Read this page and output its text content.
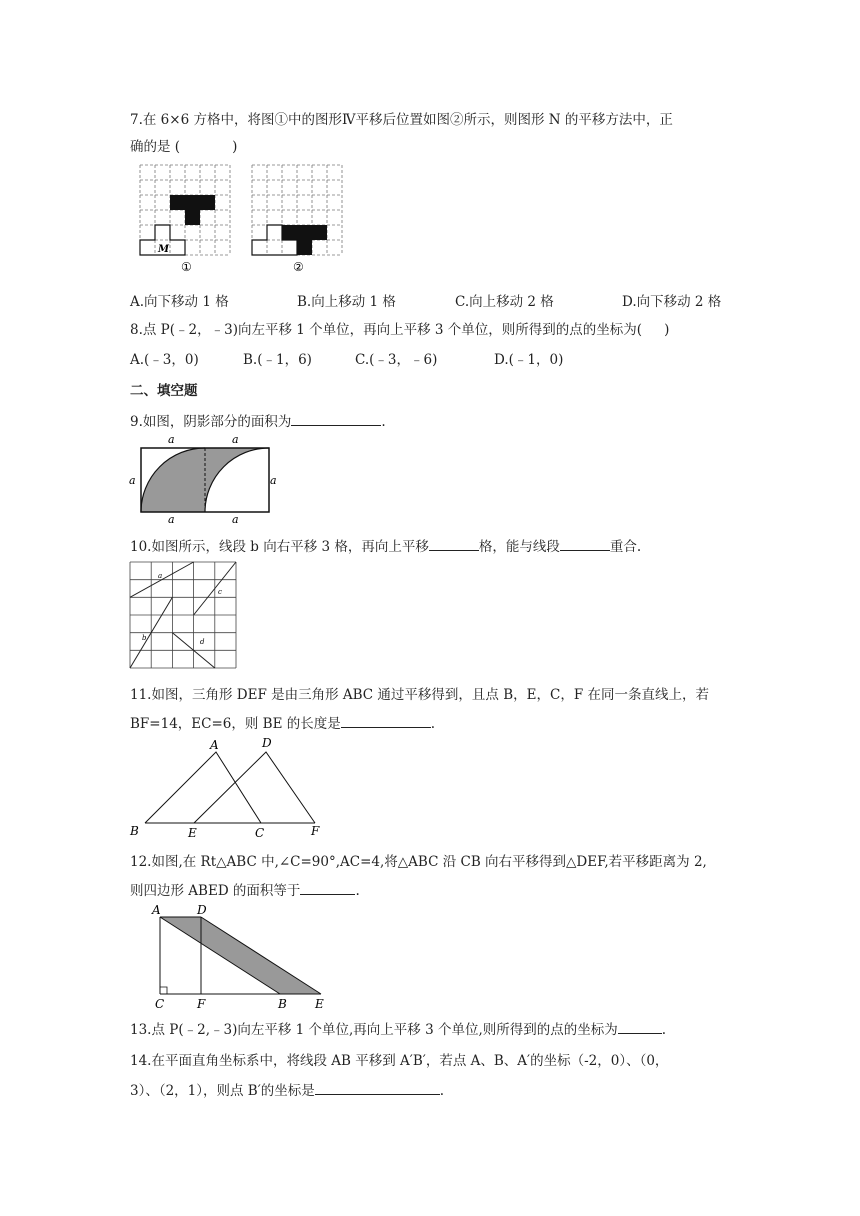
7.在 6×6 方格中，将图①中的图形Ⅳ平移后位置如图②所示，则图形 N 的平移方法中，正
确的是 (	)
M
①	②
A.向下移动 1 格	B.向上移动 1 格	C.向上移动 2 格	D.向下移动 2 格
8.点 P(﹣2，﹣3)向左平移 1 个单位，再向上平移 3 个单位，则所得到的点的坐标为( )
A.(﹣3，0)	B.(﹣1，6)	C.(﹣3，﹣6)	D.(﹣1，0)
二、填空题
9.如图，阴影部分的面积为	.
a	a
a
a	a
a
10.如图所示，线段 b 向右平移 3 格，再向上平移	格，能与线段	重合.
a
b
c
d
11.如图，三角形 DEF 是由三角形 ABC 通过平移得到，且点 B，E，C，F 在同一条直线上，若
BF=14，EC=6，则 BE 的长度是	.
A	D
B	E	C	F
12.如图,在 Rt△ABC 中,∠C=90°,AC=4,将△ABC 沿 CB 向右平移得到△DEF,若平移距离为 2,
则四边形 ABED 的面积等于	.
A	D
C	F	B E
13.点 P(﹣2,﹣3)向左平移 1 个单位,再向上平移 3 个单位,则所得到的点的坐标为	.
14.在平面直角坐标系中，将线段 AB 平移到 A′B′，若点 A、B、A′的坐标（-2，0）、（0，
3）、（2，1），则点 B′的坐标是	.
